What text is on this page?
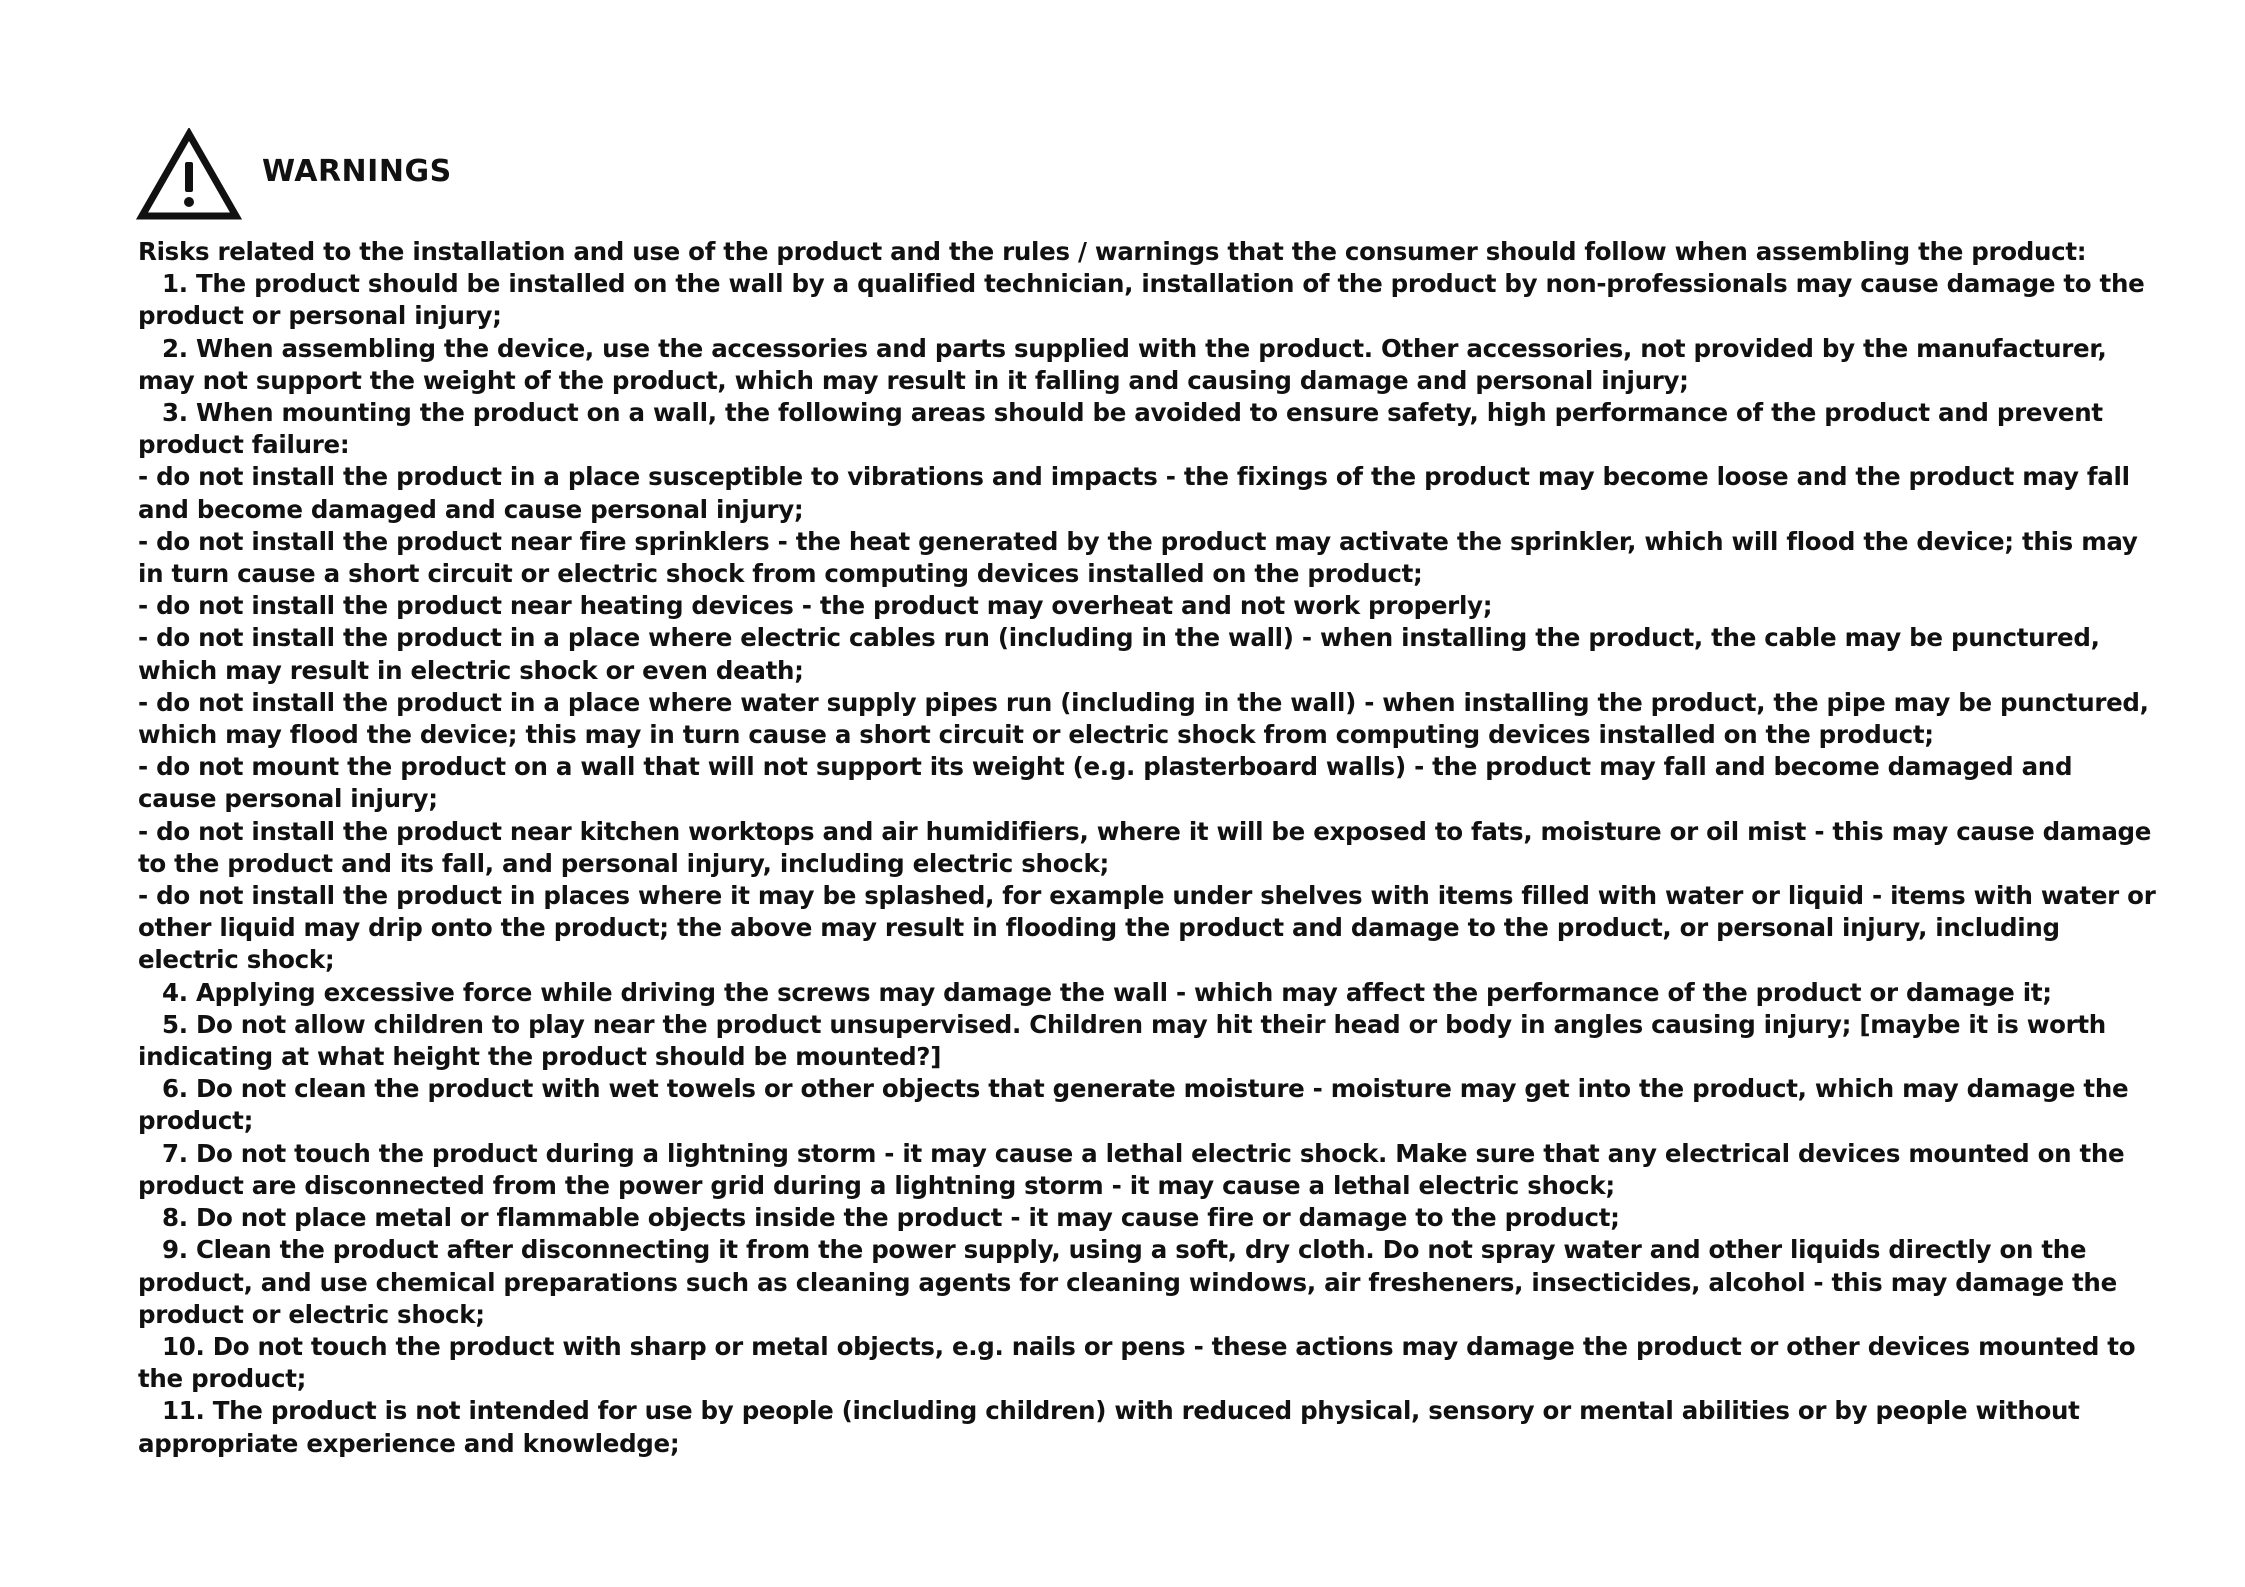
WARNINGS

Risks related to the installation and use of the product and the rules / warnings that the consumer should follow when assembling the product:

1. The product should be installed on the wall by a qualified technician, installation of the product by non-professionals may cause damage to the product or personal injury;

2. When assembling the device, use the accessories and parts supplied with the product. Other accessories, not provided by the manufacturer, may not support the weight of the product, which may result in it falling and causing damage and personal injury;

3. When mounting the product on a wall, the following areas should be avoided to ensure safety, high performance of the product and prevent product failure:

- do not install the product in a place susceptible to vibrations and impacts - the fixings of the product may become loose and the product may fall and become damaged and cause personal injury;

- do not install the product near fire sprinklers - the heat generated by the product may activate the sprinkler, which will flood the device; this may in turn cause a short circuit or electric shock from computing devices installed on the product;

- do not install the product near heating devices - the product may overheat and not work properly;

- do not install the product in a place where electric cables run (including in the wall) - when installing the product, the cable may be punctured, which may result in electric shock or even death;

- do not install the product in a place where water supply pipes run (including in the wall) - when installing the product, the pipe may be punctured, which may flood the device; this may in turn cause a short circuit or electric shock from computing devices installed on the product;

- do not mount the product on a wall that will not support its weight (e.g. plasterboard walls) - the product may fall and become damaged and cause personal injury;

- do not install the product near kitchen worktops and air humidifiers, where it will be exposed to fats, moisture or oil mist - this may cause damage to the product and its fall, and personal injury, including electric shock;

- do not install the product in places where it may be splashed, for example under shelves with items filled with water or liquid - items with water or other liquid may drip onto the product; the above may result in flooding the product and damage to the product, or personal injury, including electric shock;

4. Applying excessive force while driving the screws may damage the wall - which may affect the performance of the product or damage it;

5. Do not allow children to play near the product unsupervised. Children may hit their head or body in angles causing injury; [maybe it is worth indicating at what height the product should be mounted?]

6. Do not clean the product with wet towels or other objects that generate moisture - moisture may get into the product, which may damage the product;

7. Do not touch the product during a lightning storm - it may cause a lethal electric shock. Make sure that any electrical devices mounted on the product are disconnected from the power grid during a lightning storm - it may cause a lethal electric shock;

8. Do not place metal or flammable objects inside the product - it may cause fire or damage to the product;

9. Clean the product after disconnecting it from the power supply, using a soft, dry cloth. Do not spray water and other liquids directly on the product, and use chemical preparations such as cleaning agents for cleaning windows, air fresheners, insecticides, alcohol - this may damage the product or electric shock;

10. Do not touch the product with sharp or metal objects, e.g. nails or pens - these actions may damage the product or other devices mounted to the product;

11. The product is not intended for use by people (including children) with reduced physical, sensory or mental abilities or by people without appropriate experience and knowledge;
